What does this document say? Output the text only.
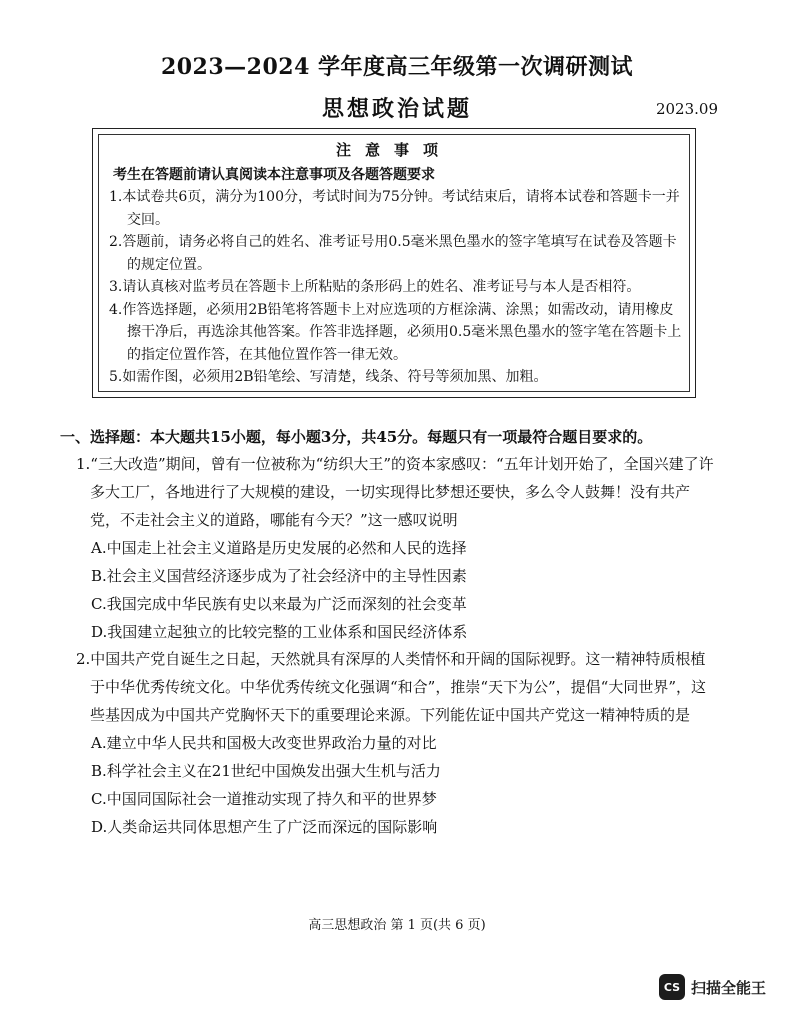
2023—2024 学年度高三年级第一次调研测试
思想政治试题	2023.09
注意事项
考生在答题前请认真阅读本注意事项及各题答题要求
1.本试卷共6页，满分为100分，考试时间为75分钟。考试结束后，请将本试卷和答题卡一并交回。
2.答题前，请务必将自己的姓名、准考证号用0.5毫米黑色墨水的签字笔填写在试卷及答题卡的规定位置。
3.请认真核对监考员在答题卡上所粘贴的条形码上的姓名、准考证号与本人是否相符。
4.作答选择题，必须用2B铅笔将答题卡上对应选项的方框涂满、涂黑；如需改动，请用橡皮擦干净后，再选涂其他答案。作答非选择题，必须用0.5毫米黑色墨水的签字笔在答题卡上的指定位置作答，在其他位置作答一律无效。
5.如需作图，必须用2B铅笔绘、写清楚，线条、符号等须加黑、加粗。
一、选择题：本大题共15小题，每小题3分，共45分。每题只有一项最符合题目要求的。
1.“三大改造”期间，曾有一位被称为“纺织大王”的资本家感叹：“五年计划开始了，全国兴建了许多大工厂，各地进行了大规模的建设，一切实现得比梦想还要快，多么令人鼓舞！没有共产党，不走社会主义的道路，哪能有今天？”这一感叹说明
A.中国走上社会主义道路是历史发展的必然和人民的选择
B.社会主义国营经济逐步成为了社会经济中的主导性因素
C.我国完成中华民族有史以来最为广泛而深刻的社会变革
D.我国建立起独立的比较完整的工业体系和国民经济体系
2.中国共产党自诞生之日起，天然就具有深厚的人类情怀和开阔的国际视野。这一精神特质根植于中华优秀传统文化。中华优秀传统文化强调“和合”，推崇“天下为公”，提倡“大同世界”，这些基因成为中国共产党胸怀天下的重要理论来源。下列能佐证中国共产党这一精神特质的是
A.建立中华人民共和国极大改变世界政治力量的对比
B.科学社会主义在21世纪中国焕发出强大生机与活力
C.中国同国际社会一道推动实现了持久和平的世界梦
D.人类命运共同体思想产生了广泛而深远的国际影响
高三思想政治 第 1 页(共 6 页)
CS 扫描全能王
